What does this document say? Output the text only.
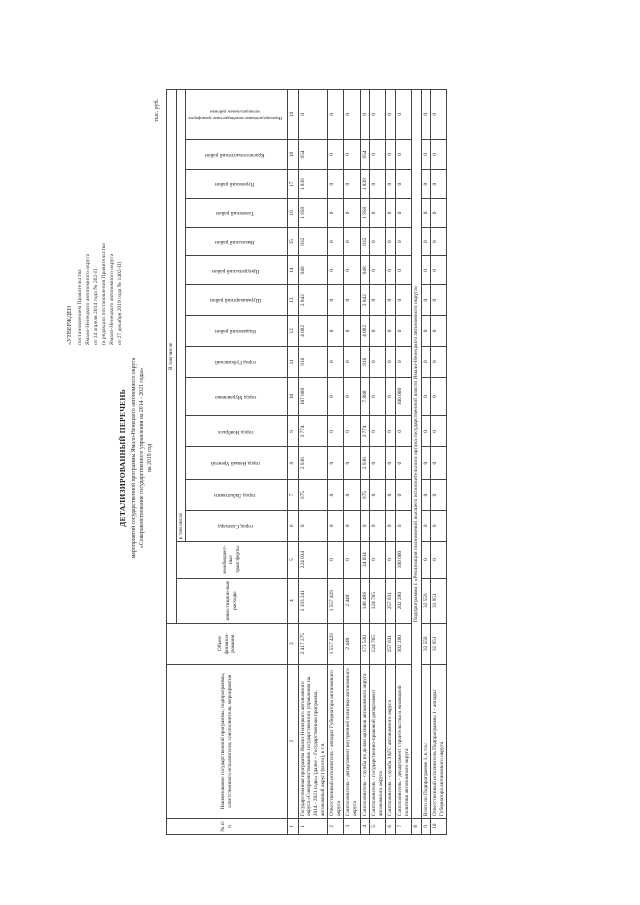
«УТВЕРЖДЕН постановлением Правительства Ямало-Ненецкого автономного округа от 14 апреля 2014 года № 262-П (в редакции постановления Правительства Ямало-Ненецкого автономного округа от 27 декабря 2019 года № 1402-П)
ДЕТАЛИЗИРОВАННЫЙ ПЕРЕЧЕНЬ мероприятий государственной программы Ямало-Ненецкого автономного округа «Совершенствование государственного управления на 2014 - 2021 годы» на 2019 год
тыс. руб.
№ п/п	Наименование государственной программы, подпрограммы, ответственного исполнителя, соисполнителя, мероприятия	Объем финанси-рования	В том числе															
			инвестицион-ные расходы	межбюджет-ные трансферты	в том числе													
					город Салехард	город Лабытнанги	город Новый Уренгой	город Ноябрьск	город Муравленко	город Губкинский	Надымский район	Шурышкарский район	Приуральский район	Ямальский район	Тазовский район	Пуровский район	Красноселькупский район	Нераспределённые межбюджетные трансферты муниципальным районам
1	2	3	4	5	6	7	8	9	10	11	12	13	14	15	16	17	18	19
1	Государственная программа Ямало-Ненецкого автономного округа «Совершенствование государственного управления на 2014 - 2021 годы» (далее – Государственная программа, автономный округ) (всего), в т.ч.	2 417 275	2 193 241	224 034	0	975	2 936	3 774	107 888	916	4 082	2 842	948	932	1 958	1 839	954	0
2	Ответственный исполнитель - аппарат Губернатора автономного округа	1 557 429	1 557 429	0	0	0	0	0	0	0	0	0	0	0	0	0	0	0
3	Соисполнитель - департамент внутренней политики автономного округа	2 440	2 440	0	0	0	0	0	0	0	0	0	0	0	0	0	0	0
4	Соисполнитель - служба по делам архивов автономного округа	172 530	148 496	24 034	0	975	2 936	3 774	7 888	916	4 082	2 842	948	932	1 958	1 839	954	0
5	Соисполнитель - государственно-правовой департамент автономного округа	124 765	124 765	0	0	0	0	0	0	0	0	0	0	0	0	0	0	0
6	Соисполнитель - служба ЗАГС автономного округа	257 831	257 831	0	0	0	0	0	0	0	0	0	0	0	0	0	0	0
7	Соисполнитель - департамент строительства и жилищной политики автономного округа	302 280	202 280	100 000	0	0	0	0	100 000	0	0	0	0	0	0	0	0	0
8	Подпрограмма 1 «Реализация полномочий высшего исполнительного органа государственной власти Ямало-Ненецкого автономного округа»																	
9	Всего по Подпрограмме 1, в т.ч.:	32 559	32 559	0	0	0	0	0	0	0	0	0	0	0	0	0	0	0
10	Ответственный исполнитель Подпрограммы 1 - аппарат Губернатора автономного округа	31 951	31 951	0	0	0	0	0	0	0	0	0	0	0	0	0	0	0
